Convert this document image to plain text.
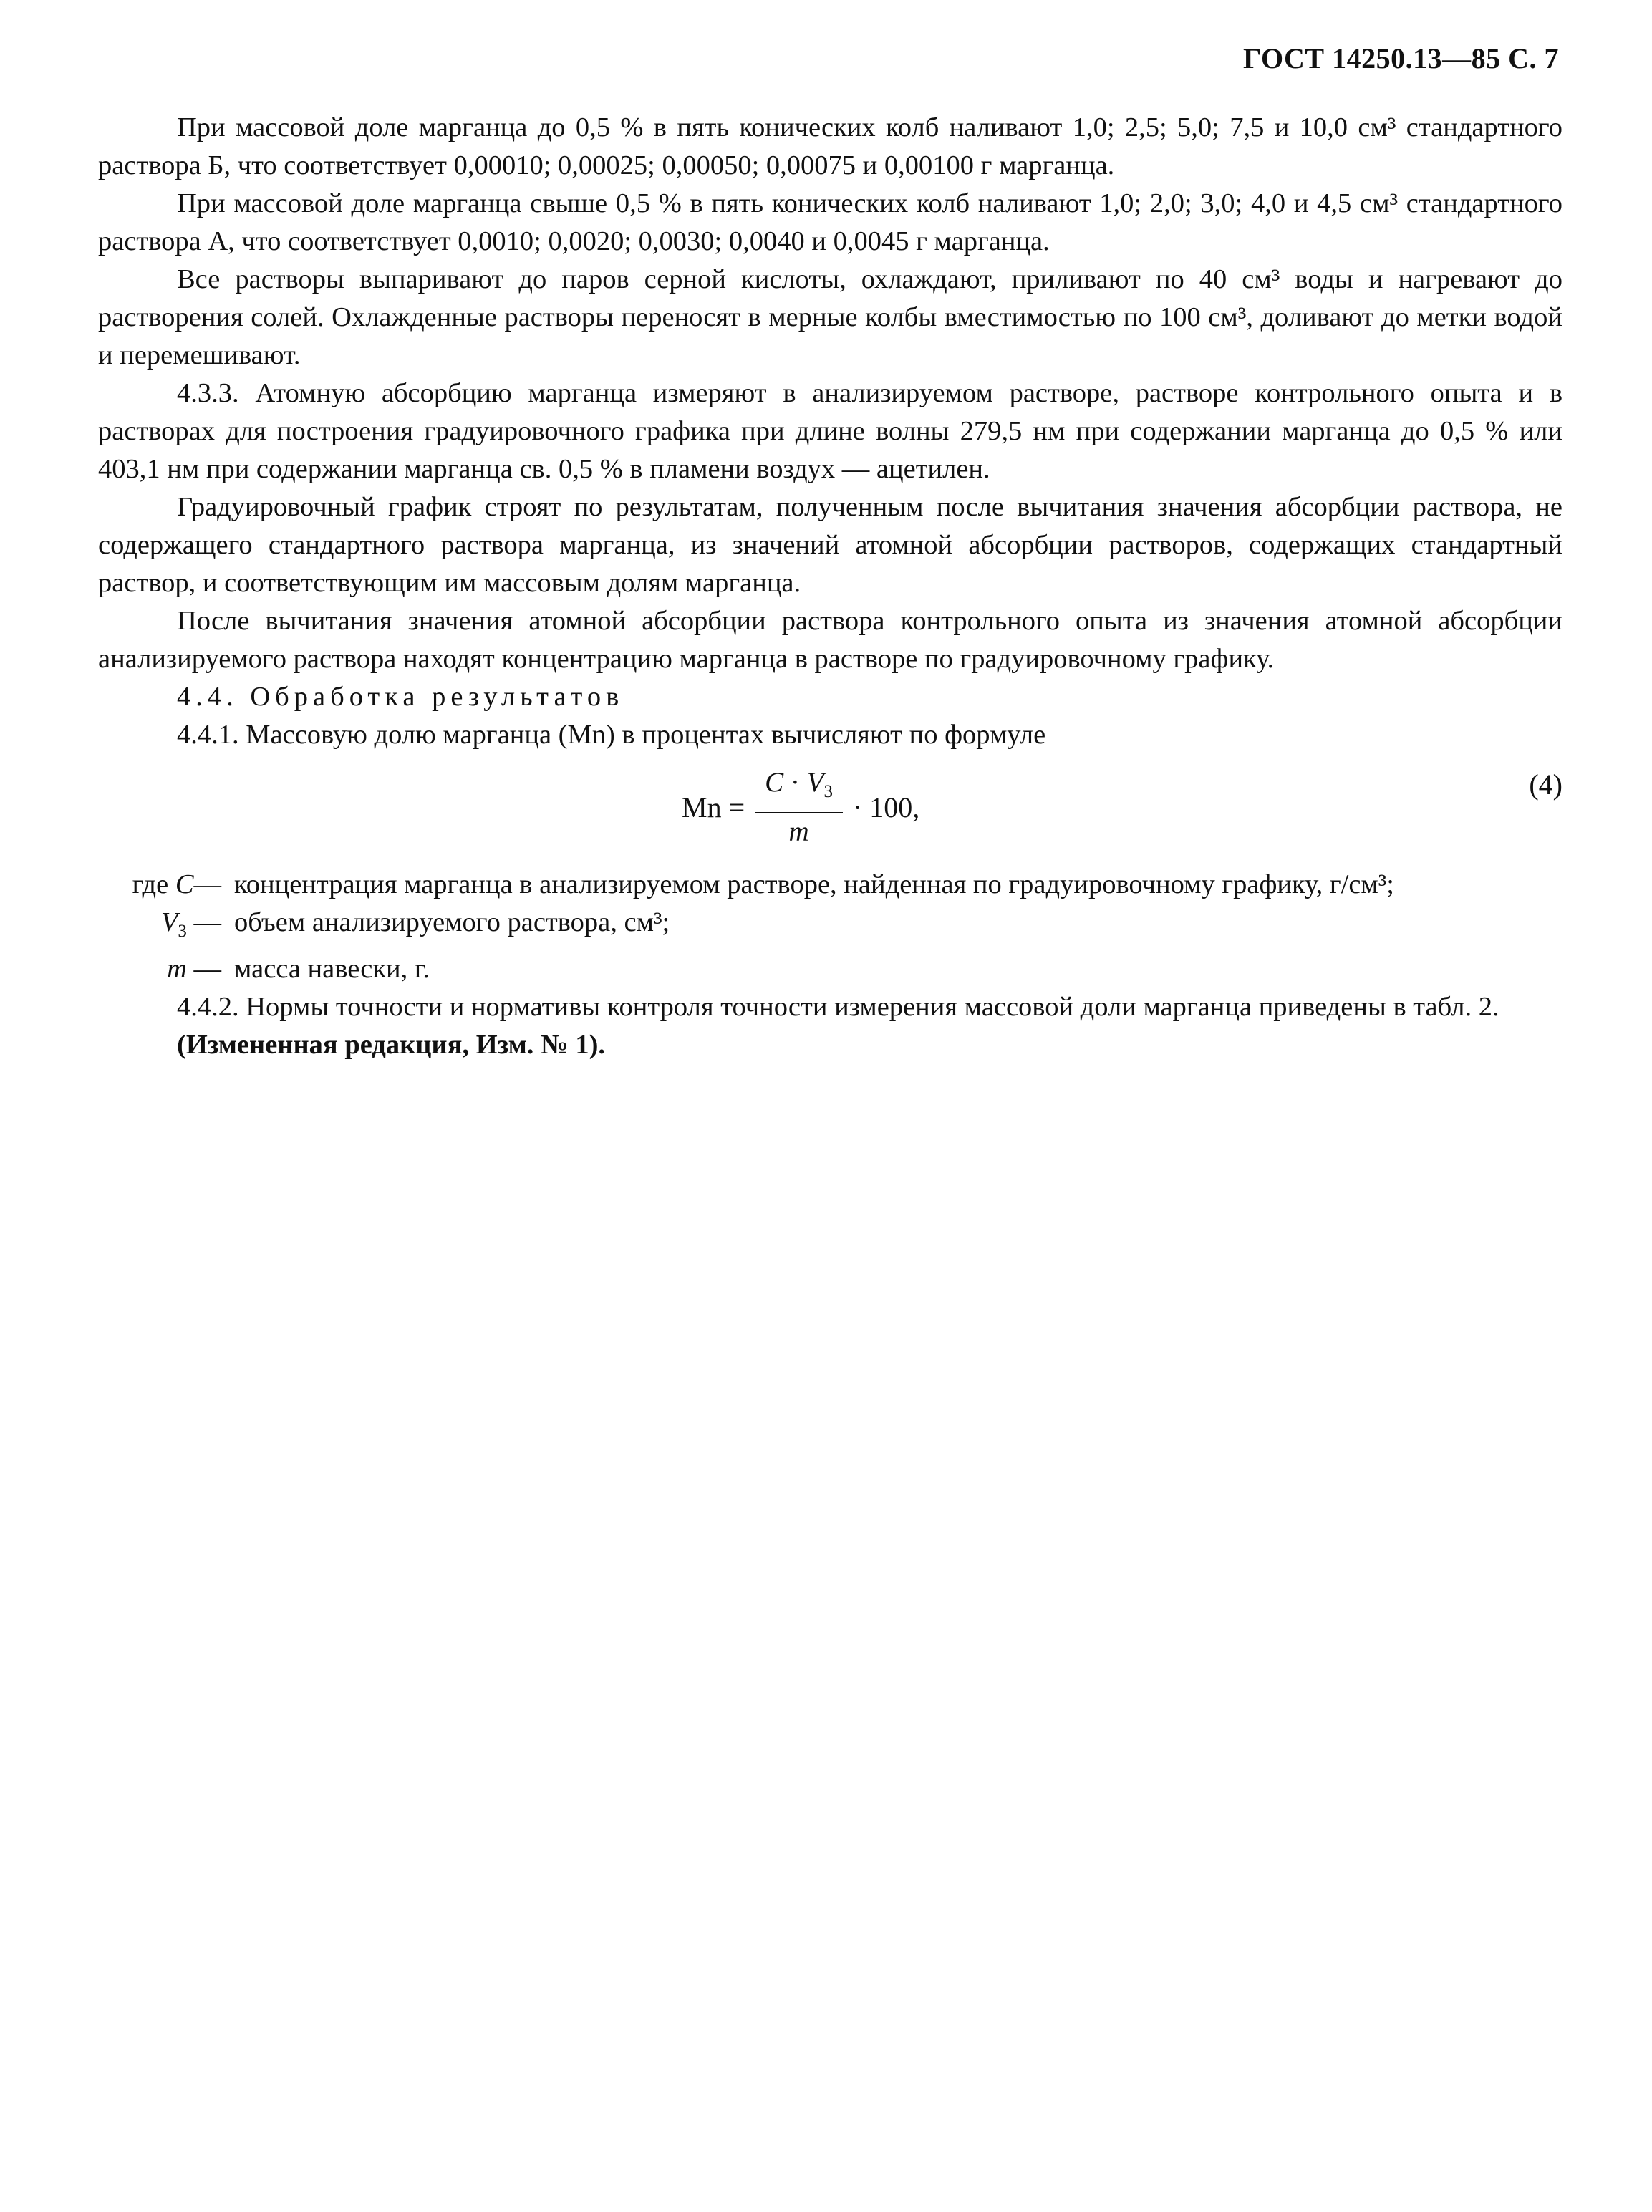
ГОСТ 14250.13—85 С. 7

При массовой доле марганца до 0,5 % в пять конических колб наливают 1,0; 2,5; 5,0; 7,5 и 10,0 см³ стандартного раствора Б, что соответствует 0,00010; 0,00025; 0,00050; 0,00075 и 0,00100 г марганца.

При массовой доле марганца свыше 0,5 % в пять конических колб наливают 1,0; 2,0; 3,0; 4,0 и 4,5 см³ стандартного раствора А, что соответствует 0,0010; 0,0020; 0,0030; 0,0040 и 0,0045 г марганца.

Все растворы выпаривают до паров серной кислоты, охлаждают, приливают по 40 см³ воды и нагревают до растворения солей. Охлажденные растворы переносят в мерные колбы вместимостью по 100 см³, доливают до метки водой и перемешивают.

4.3.3. Атомную абсорбцию марганца измеряют в анализируемом растворе, растворе контрольного опыта и в растворах для построения градуировочного графика при длине волны 279,5 нм при содержании марганца до 0,5 % или 403,1 нм при содержании марганца св. 0,5 % в пламени воздух — ацетилен.

Градуировочный график строят по результатам, полученным после вычитания значения абсорбции раствора, не содержащего стандартного раствора марганца, из значений атомной абсорбции растворов, содержащих стандартный раствор, и соответствующим им массовым долям марганца.

После вычитания значения атомной абсорбции раствора контрольного опыта из значения атомной абсорбции анализируемого раствора находят концентрацию марганца в растворе по градуировочному графику.

4.4. Обработка результатов

4.4.1. Массовую долю марганца (Mn) в процентах вычисляют по формуле

$Mn = \frac{C \cdot V_3}{m} \cdot 100$,
(4)
где C— концентрация марганца в анализируемом растворе, найденная по градуировочному графику, г/см³;
$V_3$ — объем анализируемого раствора, см³;
m — масса навески, г.

4.4.2. Нормы точности и нормативы контроля точности измерения массовой доли марганца приведены в табл. 2.

(Измененная редакция, Изм. № 1).
